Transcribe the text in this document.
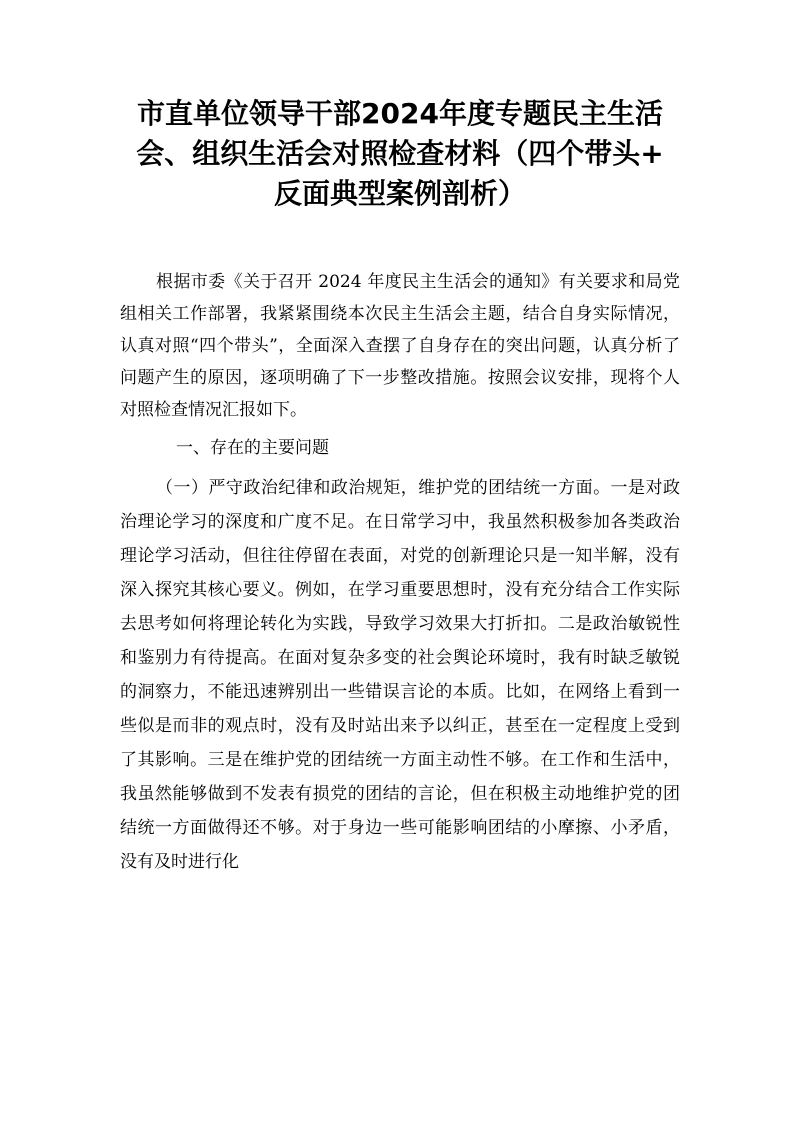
市直单位领导干部2024年度专题民主生活
会、组织生活会对照检查材料（四个带头+
反面典型案例剖析）

根据市委《关于召开 2024 年度民主生活会的通知》有关要求和局党组相关工作部署，我紧紧围绕本次民主生活会主题，结合自身实际情况，认真对照“四个带头”，全面深入查摆了自身存在的突出问题，认真分析了问题产生的原因，逐项明确了下一步整改措施。按照会议安排，现将个人对照检查情况汇报如下。

一、存在的主要问题

（一）严守政治纪律和政治规矩，维护党的团结统一方面。一是对政治理论学习的深度和广度不足。在日常学习中，我虽然积极参加各类政治理论学习活动，但往往停留在表面，对党的创新理论只是一知半解，没有深入探究其核心要义。例如，在学习重要思想时，没有充分结合工作实际去思考如何将理论转化为实践，导致学习效果大打折扣。二是政治敏锐性和鉴别力有待提高。在面对复杂多变的社会舆论环境时，我有时缺乏敏锐的洞察力，不能迅速辨别出一些错误言论的本质。比如，在网络上看到一些似是而非的观点时，没有及时站出来予以纠正，甚至在一定程度上受到了其影响。三是在维护党的团结统一方面主动性不够。在工作和生活中，我虽然能够做到不发表有损党的团结的言论，但在积极主动地维护党的团结统一方面做得还不够。对于身边一些可能影响团结的小摩擦、小矛盾，没有及时进行化
